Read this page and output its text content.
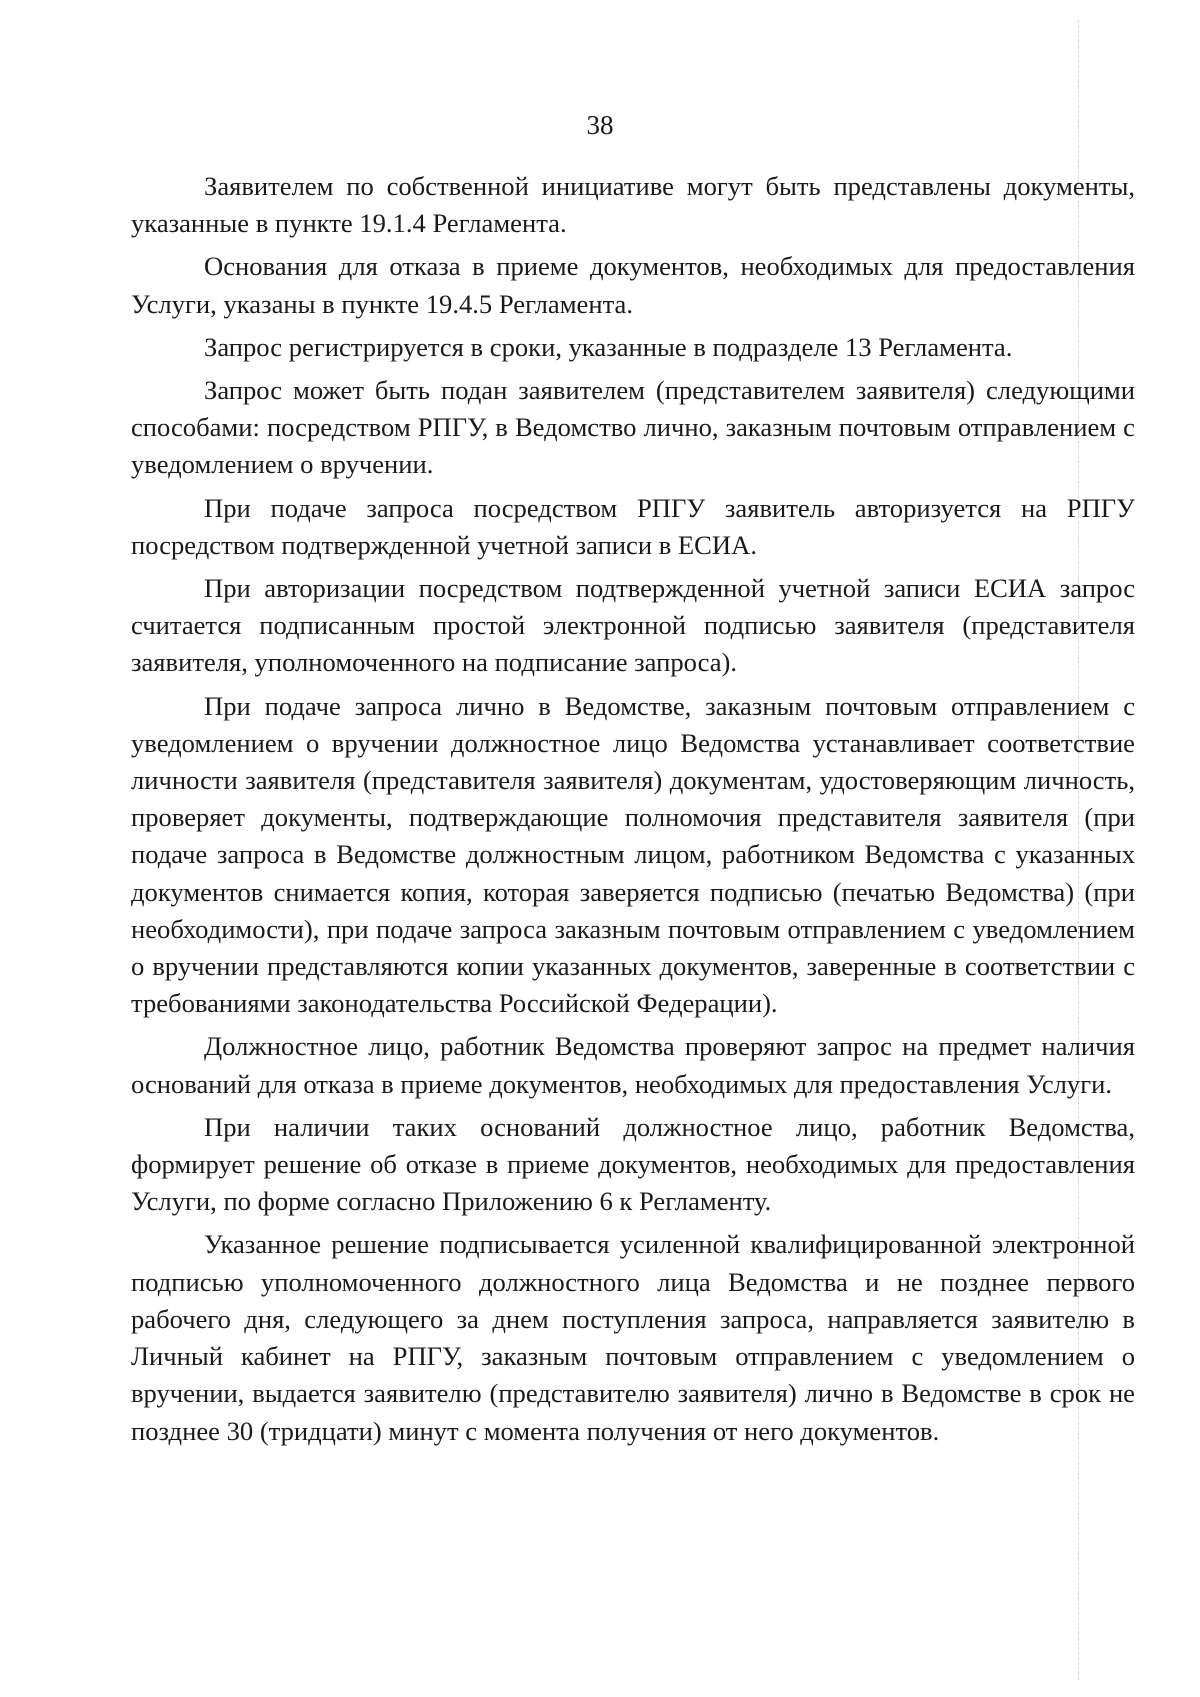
38

Заявителем по собственной инициативе могут быть представлены документы, указанные в пункте 19.1.4 Регламента.

Основания для отказа в приеме документов, необходимых для предоставления Услуги, указаны в пункте 19.4.5 Регламента.

Запрос регистрируется в сроки, указанные в подразделе 13 Регламента.

Запрос может быть подан заявителем (представителем заявителя) следующими способами: посредством РПГУ, в Ведомство лично, заказным почтовым отправлением с уведомлением о вручении.

При подаче запроса посредством РПГУ заявитель авторизуется на РПГУ посредством подтвержденной учетной записи в ЕСИА.

При авторизации посредством подтвержденной учетной записи ЕСИА запрос считается подписанным простой электронной подписью заявителя (представителя заявителя, уполномоченного на подписание запроса).

При подаче запроса лично в Ведомстве, заказным почтовым отправлением с уведомлением о вручении должностное лицо Ведомства устанавливает соответствие личности заявителя (представителя заявителя) документам, удостоверяющим личность, проверяет документы, подтверждающие полномочия представителя заявителя (при подаче запроса в Ведомстве должностным лицом, работником Ведомства с указанных документов снимается копия, которая заверяется подписью (печатью Ведомства) (при необходимости), при подаче запроса заказным почтовым отправлением с уведомлением о вручении представляются копии указанных документов, заверенные в соответствии с требованиями законодательства Российской Федерации).

Должностное лицо, работник Ведомства проверяют запрос на предмет наличия оснований для отказа в приеме документов, необходимых для предоставления Услуги.

При наличии таких оснований должностное лицо, работник Ведомства, формирует решение об отказе в приеме документов, необходимых для предоставления Услуги, по форме согласно Приложению 6 к Регламенту.

Указанное решение подписывается усиленной квалифицированной электронной подписью уполномоченного должностного лица Ведомства и не позднее первого рабочего дня, следующего за днем поступления запроса, направляется заявителю в Личный кабинет на РПГУ, заказным почтовым отправлением с уведомлением о вручении, выдается заявителю (представителю заявителя) лично в Ведомстве в срок не позднее 30 (тридцати) минут с момента получения от него документов.
